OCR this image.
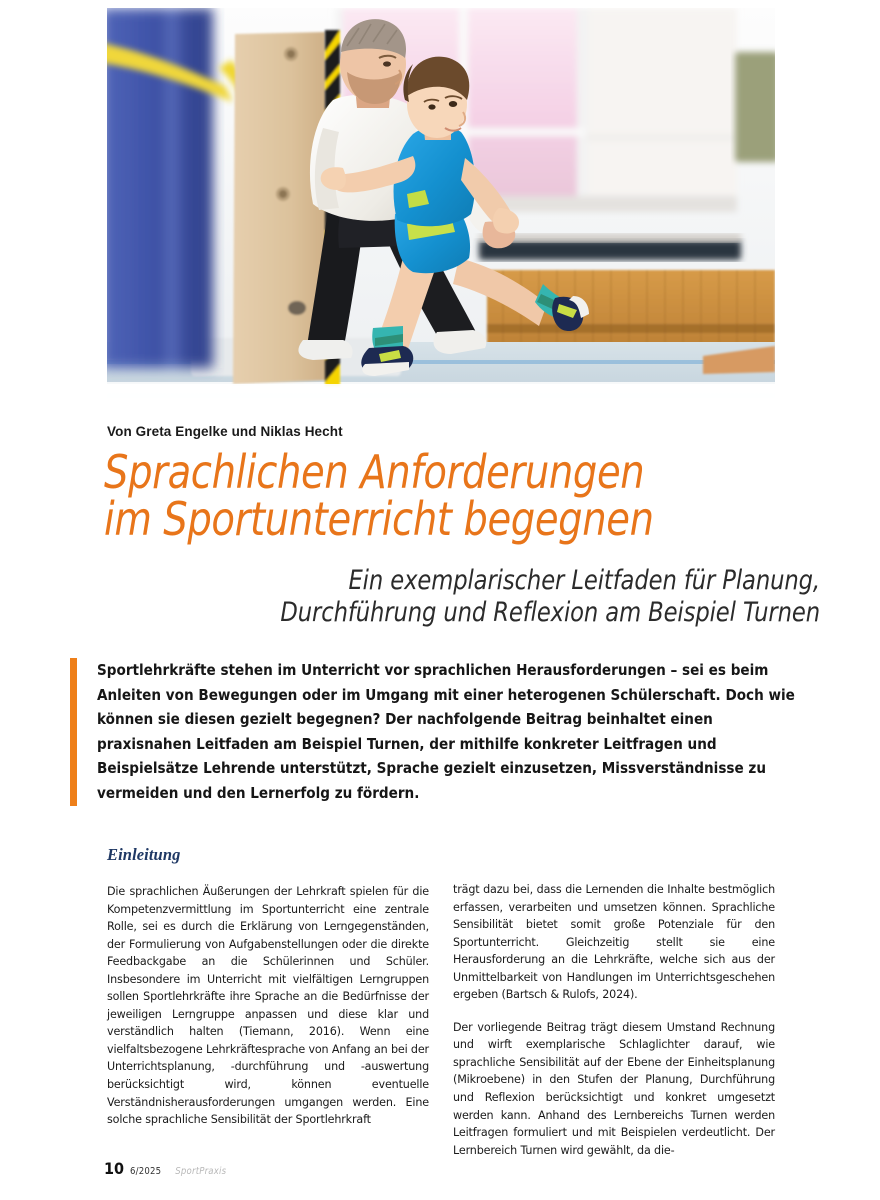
Von Greta Engelke und Niklas Hecht
Sprachlichen Anforderungen
im Sportunterricht begegnen
Ein exemplarischer Leitfaden für Planung,
Durchführung und Reflexion am Beispiel Turnen
Sportlehrkräfte stehen im Unterricht vor sprachlichen Herausforderungen – sei es beim Anleiten von Bewegungen oder im Umgang mit einer heterogenen Schülerschaft. Doch wie können sie diesen gezielt begegnen? Der nachfolgende Beitrag beinhaltet einen praxisnahen Leitfaden am Beispiel Turnen, der mithilfe konkreter Leitfragen und Beispielsätze Lehrende unterstützt, Sprache gezielt einzusetzen, Missverständnisse zu vermeiden und den Lernerfolg zu fördern.
Einleitung
Die sprachlichen Äußerungen der Lehrkraft spielen für die Kompetenzvermittlung im Sportunterricht eine zentrale Rolle, sei es durch die Erklärung von Lerngegenständen, der Formulierung von Aufgabenstellungen oder die direkte Feedbackgabe an die Schülerinnen und Schüler. Insbesondere im Unterricht mit vielfältigen Lerngruppen sollen Sportlehrkräfte ihre Sprache an die Bedürfnisse der jeweiligen Lerngruppe anpassen und diese klar und verständlich halten (Tiemann, 2016). Wenn eine vielfaltsbezogene Lehrkräftesprache von Anfang an bei der Unterrichtsplanung, -durchführung und -auswertung berücksichtigt wird, können eventuelle Verständnisherausforderungen umgangen werden. Eine solche sprachliche Sensibilität der Sportlehrkraft
trägt dazu bei, dass die Lernenden die Inhalte bestmöglich erfassen, verarbeiten und umsetzen können. Sprachliche Sensibilität bietet somit große Potenziale für den Sportunterricht. Gleichzeitig stellt sie eine Herausforderung an die Lehrkräfte, welche sich aus der Unmittelbarkeit von Handlungen im Unterrichtsgeschehen ergeben (Bartsch & Rulofs, 2024).
Der vorliegende Beitrag trägt diesem Umstand Rechnung und wirft exemplarische Schlaglichter darauf, wie sprachliche Sensibilität auf der Ebene der Einheitsplanung (Mikroebene) in den Stufen der Planung, Durchführung und Reflexion berücksichtigt und konkret umgesetzt werden kann. Anhand des Lernbereichs Turnen werden Leitfragen formuliert und mit Beispielen verdeutlicht. Der Lernbereich Turnen wird gewählt, da die-
10 6/2025 SportPraxis
